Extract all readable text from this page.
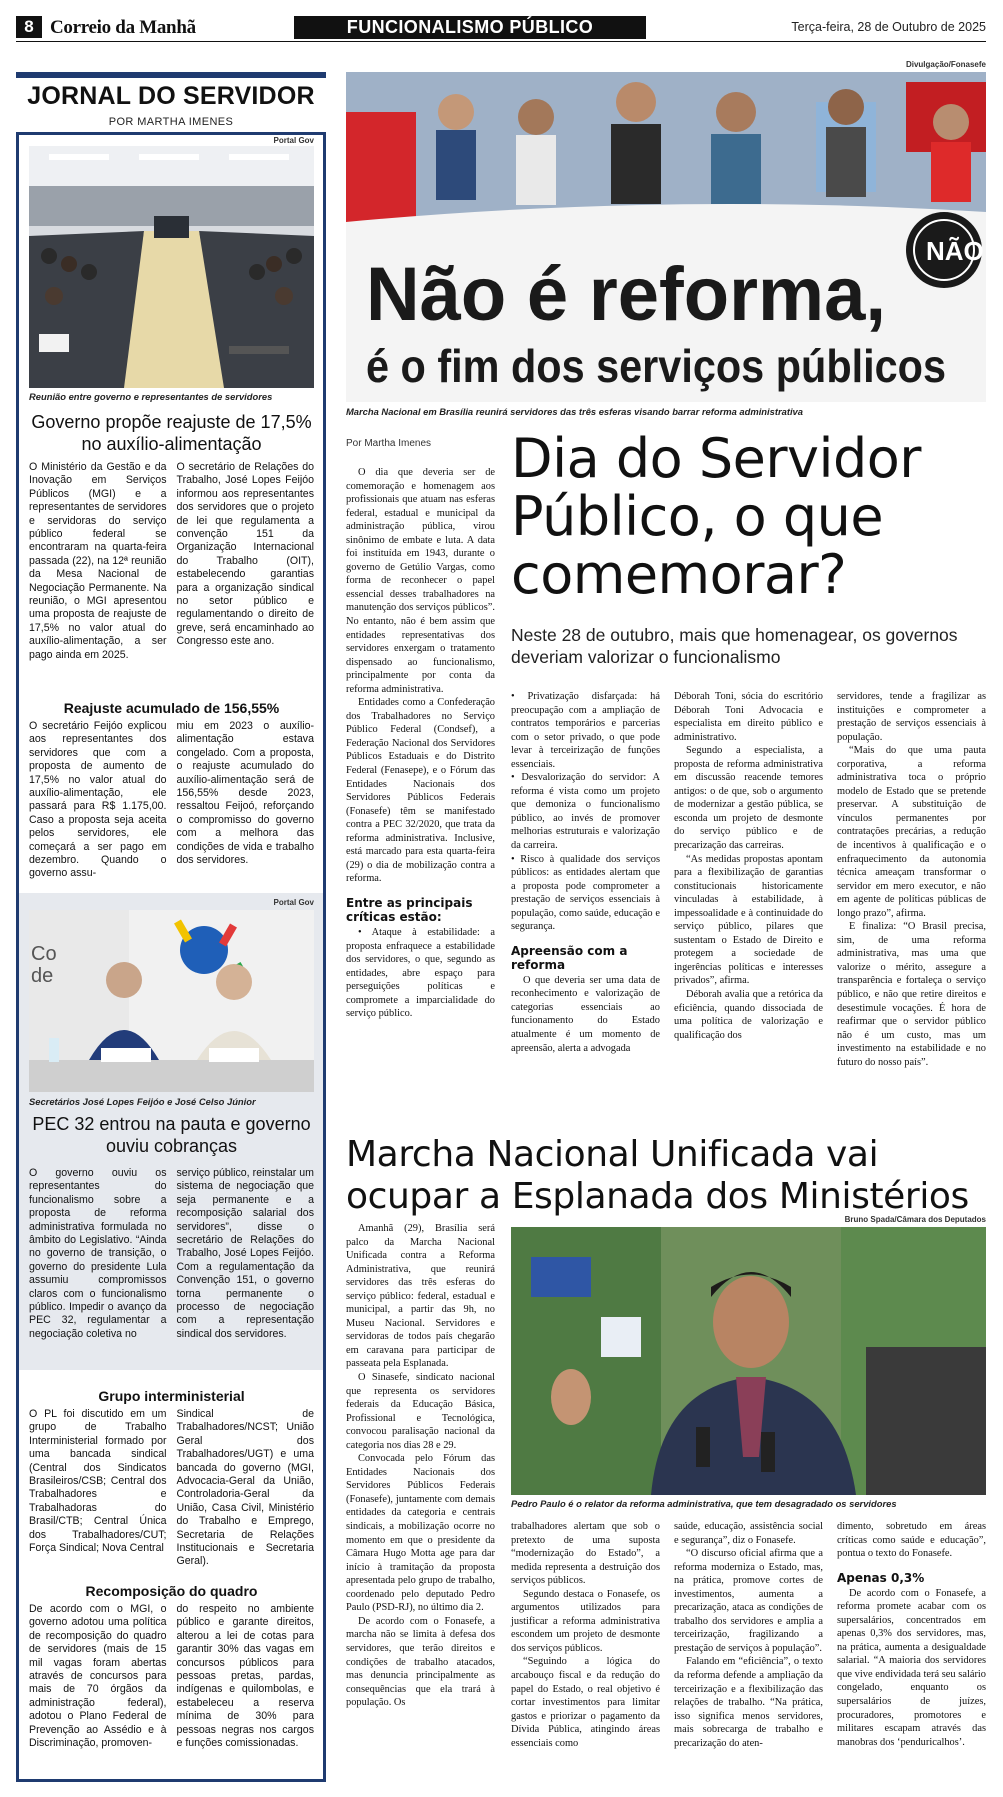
8 Correio da Manhã	FUNCIONALISMO PÚBLICO	Terça-feira, 28 de Outubro de 2025
JORNAL DO SERVIDOR
POR MARTHA IMENES
Portal Gov
Reunião entre governo e representantes de servidores
Governo propõe reajuste de 17,5% no auxílio-alimentação

O Ministério da Gestão e da Inovação em Serviços Públicos (MGI) e a representantes de servidores e servidoras do serviço público federal se encontraram na quarta-feira passada (22), na 12ª reunião da Mesa Nacional de Negociação Permanente. Na reunião, o MGI apresentou uma proposta de reajuste de 17,5% no valor atual do auxílio-alimentação, a ser pago ainda em 2025.

O secretário de Relações do Trabalho, José Lopes Feijóo informou aos representantes dos servidores que o projeto de lei que regulamenta a convenção 151 da Organização Internacional do Trabalho (OIT), estabelecendo garantias para a organização sindical no setor público e regulamentando o direito de greve, será encaminhado ao Congresso este ano.

Reajuste acumulado de 156,55%

O secretário Feijóo explicou aos representantes dos servidores que com a proposta de aumento de 17,5% no valor atual do auxílio-alimentação, ele passará para R$ 1.175,00. Caso a proposta seja aceita pelos servidores, ele começará a ser pago em dezembro. Quando o governo assu-

miu em 2023 o auxílio-alimentação estava congelado. Com a proposta, o reajuste acumulado do auxílio-alimentação será de 156,55% desde 2023, ressaltou Feijoó, reforçando o compromisso do governo com a melhora das condições de vida e trabalho dos servidores.

Portal Gov
Co
de
Secretários José Lopes Feijóo e José Celso Júnior
PEC 32 entrou na pauta e governo ouviu cobranças

O governo ouviu os representantes do funcionalismo sobre a proposta de reforma administrativa formulada no âmbito do Legislativo. “Ainda no governo de transição, o governo do presidente Lula assumiu compromissos claros com o funcionalismo público. Impedir o avanço da PEC 32, regulamentar a negociação coletiva no

serviço público, reinstalar um sistema de negociação que seja permanente e a recomposição salarial dos servidores”, disse o secretário de Relações do Trabalho, José Lopes Feijóo. Com a regulamentação da Convenção 151, o governo torna permanente o processo de negociação com a representação sindical dos servidores.

Grupo interministerial

O PL foi discutido em um grupo de Trabalho Interministerial formado por uma bancada sindical (Central dos Sindicatos Brasileiros/CSB; Central dos Trabalhadores e Trabalhadoras do Brasil/CTB; Central Única dos Trabalhadores/CUT; Força Sindical; Nova Central

Sindical de Trabalhadores/NCST; União Geral dos Trabalhadores/UGT) e uma bancada do governo (MGI, Advocacia-Geral da União, Controladoria-Geral da União, Casa Civil, Ministério do Trabalho e Emprego, Secretaria de Relações Institucionais e Secretaria Geral).

Recomposição do quadro

De acordo com o MGI, o governo adotou uma política de recomposição do quadro de servidores (mais de 15 mil vagas foram abertas através de concursos para mais de 70 órgãos da administração federal), adotou o Plano Federal de Prevenção ao Assédio e à Discriminação, promoven-

do respeito no ambiente público e garante direitos, alterou a lei de cotas para garantir 30% das vagas em concursos públicos para pessoas pretas, pardas, indígenas e quilombolas, e estabeleceu a reserva mínima de 30% para pessoas negras nos cargos e funções comissionadas.

Divulgação/Fonasefe
Não é reforma,
é o fim dos serviços públicos
NÃO
Marcha Nacional em Brasília reunirá servidores das três esferas visando barrar reforma administrativa
Por Martha Imenes

O dia que deveria ser de comemoração e homenagem aos profissionais que atuam nas esferas federal, estadual e municipal da administração pública, virou sinônimo de embate e luta. A data foi instituída em 1943, durante o governo de Getúlio Vargas, como forma de reconhecer o papel essencial desses trabalhadores na manutenção dos serviços públicos”. No entanto, não é bem assim que entidades representativas dos servidores enxergam o tratamento dispensado ao funcionalismo, principalmente por conta da reforma administrativa.

Entidades como a Confederação dos Trabalhadores no Serviço Público Federal (Condsef), a Federação Nacional dos Servidores Públicos Estaduais e do Distrito Federal (Fenasepe), e o Fórum das Entidades Nacionais dos Servidores Públicos Federais (Fonasefe) têm se manifestado contra a PEC 32/2020, que trata da reforma administrativa. Inclusive, está marcado para esta quarta-feira (29) o dia de mobilização contra a reforma.

Entre as principais críticas estão:

• Ataque à estabilidade: a proposta enfraquece a estabilidade dos servidores, o que, segundo as entidades, abre espaço para perseguições políticas e compromete a imparcialidade do serviço público.

Dia do Servidor Público, o que comemorar?
Neste 28 de outubro, mais que homenagear, os governos deveriam valorizar o funcionalismo

• Privatização disfarçada: há preocupação com a ampliação de contratos temporários e parcerias com o setor privado, o que pode levar à terceirização de funções essenciais.

• Desvalorização do servidor: A reforma é vista como um projeto que demoniza o funcionalismo público, ao invés de promover melhorias estruturais e valorização da carreira.

• Risco à qualidade dos serviços públicos: as entidades alertam que a proposta pode comprometer a prestação de serviços essenciais à população, como saúde, educação e segurança.

Apreensão com a reforma

O que deveria ser uma data de reconhecimento e valorização de categorias essenciais ao funcionamento do Estado atualmente é um momento de apreensão, alerta a advogada

Déborah Toni, sócia do escritório Déborah Toni Advocacia e especialista em direito público e administrativo.

Segundo a especialista, a proposta de reforma administrativa em discussão reacende temores antigos: o de que, sob o argumento de modernizar a gestão pública, se esconda um projeto de desmonte do serviço público e de precarização das carreiras.

“As medidas propostas apontam para a flexibilização de garantias constitucionais historicamente vinculadas à estabilidade, à impessoalidade e à continuidade do serviço público, pilares que sustentam o Estado de Direito e protegem a sociedade de ingerências políticas e interesses privados”, afirma.

Déborah avalia que a retórica da eficiência, quando dissociada de uma política de valorização e qualificação dos

servidores, tende a fragilizar as instituições e comprometer a prestação de serviços essenciais à população.

“Mais do que uma pauta corporativa, a reforma administrativa toca o próprio modelo de Estado que se pretende preservar. A substituição de vínculos permanentes por contratações precárias, a redução de incentivos à qualificação e o enfraquecimento da autonomia técnica ameaçam transformar o servidor em mero executor, e não em agente de políticas públicas de longo prazo”, afirma.

E finaliza: “O Brasil precisa, sim, de uma reforma administrativa, mas uma que valorize o mérito, assegure a transparência e fortaleça o serviço público, e não que retire direitos e desestimule vocações. É hora de reafirmar que o servidor público não é um custo, mas um investimento na estabilidade e no futuro do nosso país”.

Marcha Nacional Unificada vai ocupar a Esplanada dos Ministérios

Amanhã (29), Brasília será palco da Marcha Nacional Unificada contra a Reforma Administrativa, que reunirá servidores das três esferas do serviço público: federal, estadual e municipal, a partir das 9h, no Museu Nacional. Servidores e servidoras de todos país chegarão em caravana para participar de passeata pela Esplanada.

O Sinasefe, sindicato nacional que representa os servidores federais da Educação Básica, Profissional e Tecnológica, convocou paralisação nacional da categoria nos dias 28 e 29.

Convocada pelo Fórum das Entidades Nacionais dos Servidores Públicos Federais (Fonasefe), juntamente com demais entidades da categoria e centrais sindicais, a mobilização ocorre no momento em que o presidente da Câmara Hugo Motta age para dar início à tramitação da proposta apresentada pelo grupo de trabalho, coordenado pelo deputado Pedro Paulo (PSD-RJ), no último dia 2.

De acordo com o Fonasefe, a marcha não se limita à defesa dos servidores, que terão direitos e condições de trabalho atacados, mas denuncia principalmente as consequências que ela trará à população. Os

Bruno Spada/Câmara dos Deputados
Pedro Paulo é o relator da reforma administrativa, que tem desagradado os servidores

trabalhadores alertam que sob o pretexto de uma suposta “modernização do Estado”, a medida representa a destruição dos serviços públicos.

Segundo destaca o Fonasefe, os argumentos utilizados para justificar a reforma administrativa escondem um projeto de desmonte dos serviços públicos.

“Seguindo a lógica do arcabouço fiscal e da redução do papel do Estado, o real objetivo é cortar investimentos para limitar gastos e priorizar o pagamento da Dívida Pública, atingindo áreas essenciais como

saúde, educação, assistência social e segurança”, diz o Fonasefe.

“O discurso oficial afirma que a reforma moderniza o Estado, mas, na prática, promove cortes de investimentos, aumenta a precarização, ataca as condições de trabalho dos servidores e amplia a terceirização, fragilizando a prestação de serviços à população”.

Falando em “eficiência”, o texto da reforma defende a ampliação da terceirização e a flexibilização das relações de trabalho. “Na prática, isso significa menos servidores, mais sobrecarga de trabalho e precarização do aten-

dimento, sobretudo em áreas críticas como saúde e educação”, pontua o texto do Fonasefe.

Apenas 0,3%

De acordo com o Fonasefe, a reforma promete acabar com os supersalários, concentrados em apenas 0,3% dos servidores, mas, na prática, aumenta a desigualdade salarial. “A maioria dos servidores que vive endividada terá seu salário congelado, enquanto os supersalários de juízes, procuradores, promotores e militares escapam através das manobras dos ‘penduricalhos’.
